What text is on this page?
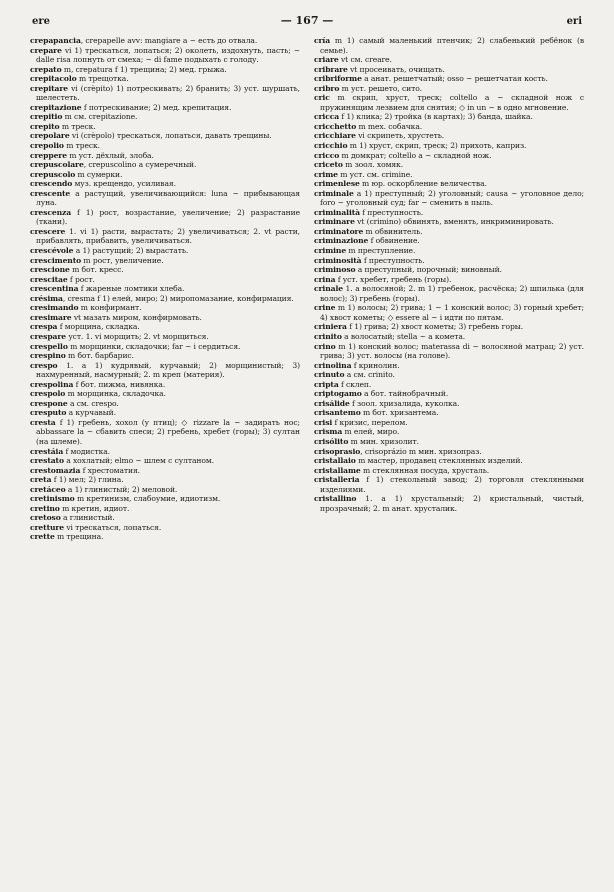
ere	— 167 —	eri

crepapancia, crepapelle avv: mangiare a ~ есть до отвала.

crepare vi 1) трескаться, лопаться; 2) околеть, издохнуть, пасть; ~ dalle risa лопнуть от смеха; ~ di fame подыхать с голоду.

crepato m, crepatura f 1) трещина; 2) мед. грыжа.

crepitacolo m трещотка.

crepitare vi (crèpito) 1) потрескивать; 2) бранить; 3) уст. шуршать, шелестеть.

crepitazione f потрескивание; 2) мед. крепитация.

crepitio m см. crepitazione.

crepito m треск.

crepolare vi (crèpolo) трескаться, лопаться, давать трещины.

crepolio m треск.

creppere m уст. дёхлый, злоба.

crepuscolare, crepuscolino a сумеречный.

crepuscolo m сумерки.

crescendo муз. крещендо, усиливая.

crescente a растущий, увеличивающийся: luna ~ прибывающая луна.

crescenza f 1) рост, возрастание, увеличение; 2) разрастание (ткани).

crescere 1. vi 1) расти, вырастать; 2) увеличиваться; 2. vt расти, прибавлять, прибавить, увеличиваться.

crescévole a 1) растущий; 2) вырастать.

crescimento m рост, увеличение.

crescione m бот. кресс.

crescitae f рост.

crescentina f жареные ломтики хлеба.

crésima, cresma f 1) елей, миро; 2) миропомазание, конфирмация.

cresimando m конфирмант.

cresimare vt мазать миром, конфирмовать.

crespa f морщина, складка.

crespare уст. 1. vi морщить; 2. vt морщиться.

crespello m морщинки, складочки; far ~ i сердиться.

crespino m бот. барбарис.

crespo 1. a 1) кудрявый, курчавый; 2) морщинистый; 3) нахмуренный, насмурный; 2. m креп (материя).

crespolina f бот. пижма, нивянка.

crespolo m морщинка, складочка.

crespone a см. crespo.

cresputo a курчавый.

cresta f 1) гребень, хохол (у птиц); ◇ rizzare la ~ задирать нос; abbassare la ~ сбавить спеси; 2) гребень, хребет (горы); 3) султан (на шлеме).

crestáia f модистка.

crestato a хохлатый; elmo ~ шлем с султаном.

crestomazia f хрестоматия.

creta f 1) мел; 2) глина.

cretáceo a 1) глинистый; 2) меловой.

cretinismo m кретинизм, слабоумие, идиотизм.

cretino m кретин, идиот.

cretoso a глинистый.

cretture vi трескаться, лопаться.

crette m трещина.

cría m 1) самый маленький птенчик; 2) слабенький ребёнок (в семье).

criare vt см. creare.

cribrare vt просеивать, очищать.

cribriforme a анат. решетчатый; osso ~ решетчатая кость.

cribro m уст. решето, сито.

cric m скрип, хруст, треск; coltello a ~ складной нож с пружинящим лезвием для снятия; ◇ in un ~ в одно мгновение.

cricca f 1) клика; 2) тройка (в картах); 3) банда, шайка.

cricchetto m mex. собачка.

cricchiare vi скрипеть, хрустеть.

cricchio m 1) хруст, скрип, треск; 2) прихоть, каприз.

cricco m домкрат; coltello a ~ складной нож.

criceto m зоол. хомяк.

crime m уст. см. crimine.

crimenlese m юр. оскорбление величества.

criminale a 1) преступный; 2) уголовный; causa ~ уголовное дело; foro ~ уголовный суд; far ~ сменить в пыль.

criminalità f преступность.

criminare vt (crimino) обвинять, вменять, инкриминировать.

criminatore m обвинитель.

criminazione f обвинение.

crimine m преступление.

criminosità f преступность.

criminoso a преступный, порочный; виновный.

crina f уст. хребет, гребень (горы).

crinale 1. a волосяной; 2. m 1) гребенок, расчёска; 2) шпилька (для волос); 3) гребень (горы).

crine m 1) волосы; 2) грива; 1 ~ 1 конский волос; 3) горный хребет; 4) хвост кометы; ◇ essere al ~ i идти по пятам.

criniera f 1) грива; 2) хвост кометы; 3) гребень горы.

crinito a волосатый; stella ~ a комета.

crino m 1) конский волос; materassa di ~ волосяной матрац; 2) уст. грива; 3) уст. волосы (на голове).

crinolina f кринолин.

crinuto a см. crinito.

cripta f склеп.

criptogamo a бот. тайнобрачный.

crisálide f зоол. хризалида, куколка.

crisantemo m бот. хризантема.

crisi f кризис, перелом.

crisma m елей, миро.

crisólito m мин. хризолит.

crisoprasio, crisoprázio m мин. хризопраз.

cristallaio m мастер, продавец стеклянных изделий.

cristallame m стеклянная посуда, хрусталь.

cristalleria f 1) стекольный завод; 2) торговля стеклянными изделиями.

cristallino 1. a 1) хрустальный; 2) кристальный, чистый, прозрачный; 2. m анат. хрусталик.
